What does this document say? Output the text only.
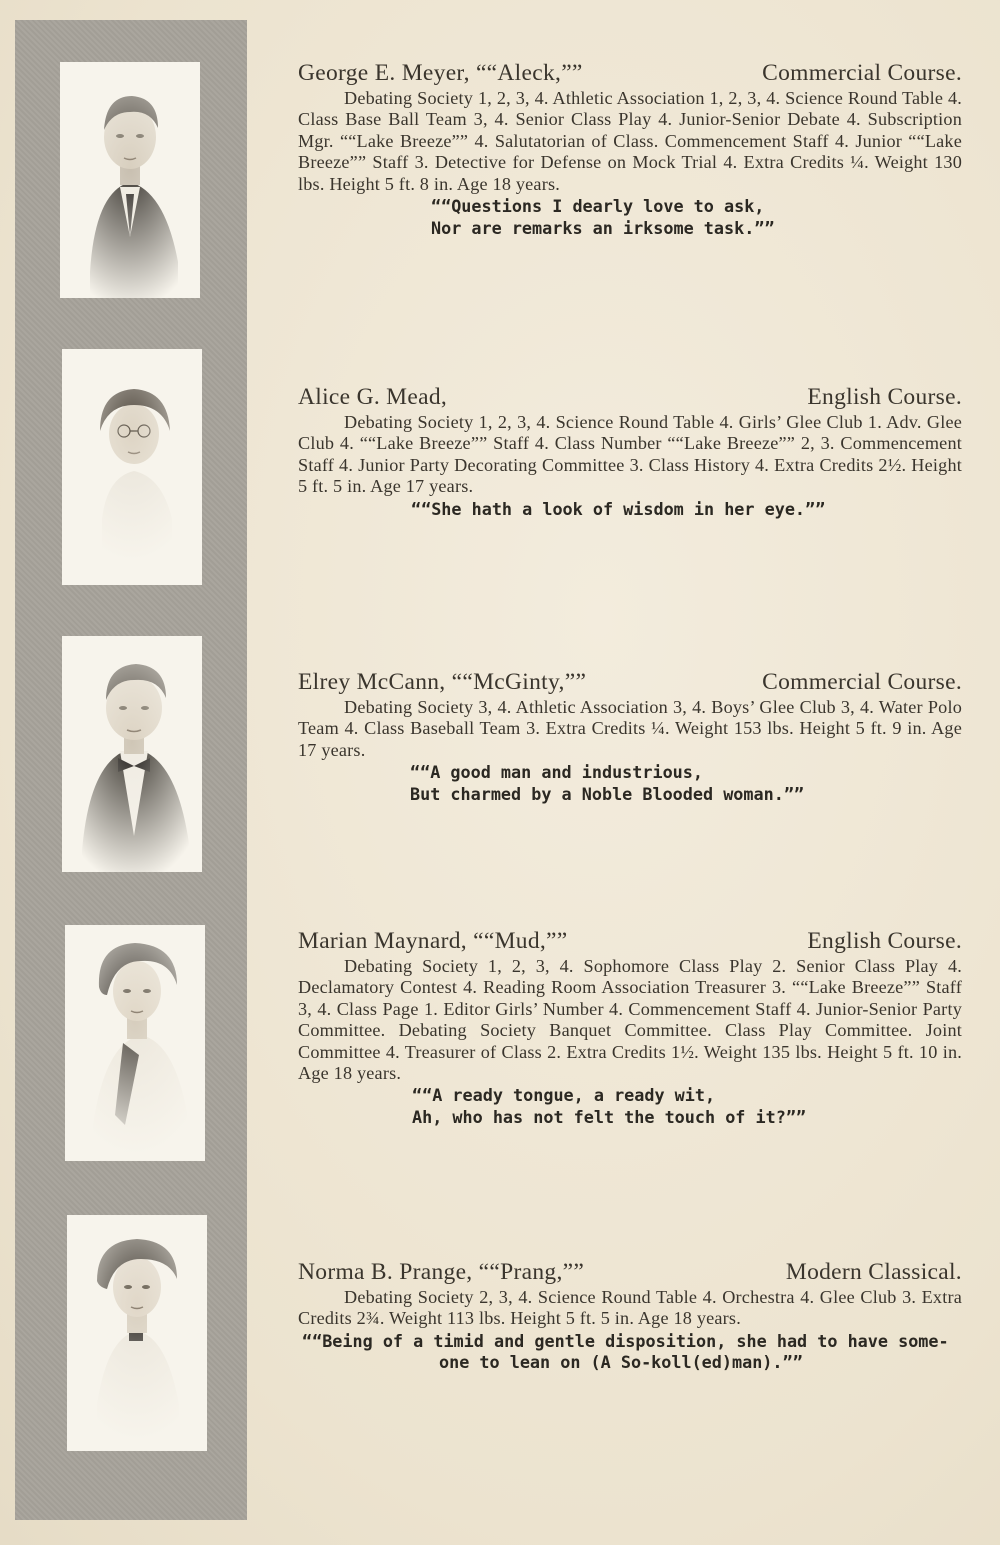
George E. Meyer, ““Aleck,””	Commercial Course.

Debating Society 1, 2, 3, 4. Athletic Association 1, 2, 3, 4. Science Round Table 4. Class Base Ball Team 3, 4. Senior Class Play 4. Junior-Senior Debate 4. Subscription Mgr. ““Lake Breeze”” 4. Salutatorian of Class. Commencement Staff 4. Junior ““Lake Breeze”” Staff 3. Detective for Defense on Mock Trial 4. Extra Credits ¼. Weight 130 lbs. Height 5 ft. 8 in. Age 18 years.

““Questions I dearly love to ask,
Nor are remarks an irksome task.””
Alice G. Mead,	English Course.

Debating Society 1, 2, 3, 4. Science Round Table 4. Girls’ Glee Club 1. Adv. Glee Club 4. ““Lake Breeze”” Staff 4. Class Number ““Lake Breeze”” 2, 3. Commencement Staff 4. Junior Party Decorating Committee 3. Class History 4. Extra Credits 2½. Height 5 ft. 5 in. Age 17 years.

““She hath a look of wisdom in her eye.””
Elrey McCann, ““McGinty,””	Commercial Course.

Debating Society 3, 4. Athletic Association 3, 4. Boys’ Glee Club 3, 4. Water Polo Team 4. Class Baseball Team 3. Extra Credits ¼. Weight 153 lbs. Height 5 ft. 9 in. Age 17 years.

““A good man and industrious,
But charmed by a Noble Blooded woman.””
Marian Maynard, ““Mud,””	English Course.

Debating Society 1, 2, 3, 4. Sophomore Class Play 2. Senior Class Play 4. Declamatory Contest 4. Reading Room Association Treasurer 3. ““Lake Breeze”” Staff 3, 4. Class Page 1. Editor Girls’ Number 4. Commencement Staff 4. Junior-Senior Party Committee. Debating Society Banquet Committee. Class Play Committee. Joint Committee 4. Treasurer of Class 2. Extra Credits 1½. Weight 135 lbs. Height 5 ft. 10 in. Age 18 years.

““A ready tongue, a ready wit,
Ah, who has not felt the touch of it?””
Norma B. Prange, ““Prang,””	Modern Classical.

Debating Society 2, 3, 4. Science Round Table 4. Orchestra 4. Glee Club 3. Extra Credits 2¾. Weight 113 lbs. Height 5 ft. 5 in. Age 18 years.

““Being of a timid and gentle disposition, she had to have some-
one to lean on (A So-koll(ed)man).””
